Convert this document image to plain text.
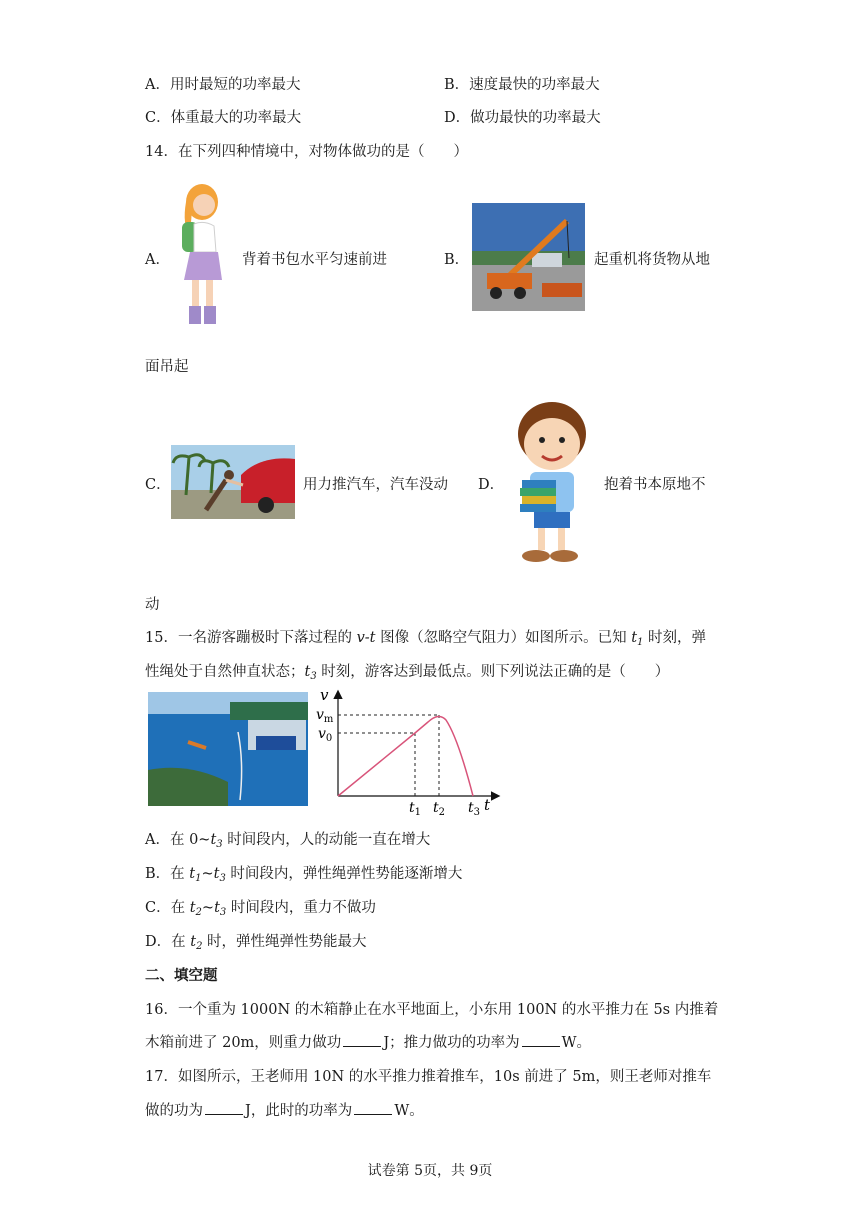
A．用时最短的功率最大	B．速度最快的功率最大
C．体重最大的功率最大	D．做功最快的功率最大
14．在下列四种情境中，对物体做功的是（　　）
A．	背着书包水平匀速前进	B．	起重机将货物从地
面吊起
C．	用力推汽车，汽车没动 D．	抱着书本原地不
动
15．一名游客蹦极时下落过程的 v-t 图像（忽略空气阻力）如图所示。已知 $t_1$ 时刻，弹
性绳处于自然伸直状态；$t_3$ 时刻，游客达到最低点。则下列说法正确的是（　　）
v
$v_m$
$v_0$
$t_1$ $t_2$ $t_3$ t
A．在 $0\sim t_3$ 时间段内，人的动能一直在增大
B．在 $t_1\sim t_3$ 时间段内，弹性绳弹性势能逐渐增大
C．在 $t_2\sim t_3$ 时间段内，重力不做功
D．在 $t_2$ 时，弹性绳弹性势能最大
二、填空题
16．一个重为 1000N 的木箱静止在水平地面上，小东用 100N 的水平推力在 5s 内推着
木箱前进了 20m，则重力做功	J；推力做功的功率为	W。
17．如图所示，王老师用 10N 的水平推力推着推车，10s 前进了 5m，则王老师对推车
做的功为	J，此时的功率为	W。
试卷第 5页，共 9页
